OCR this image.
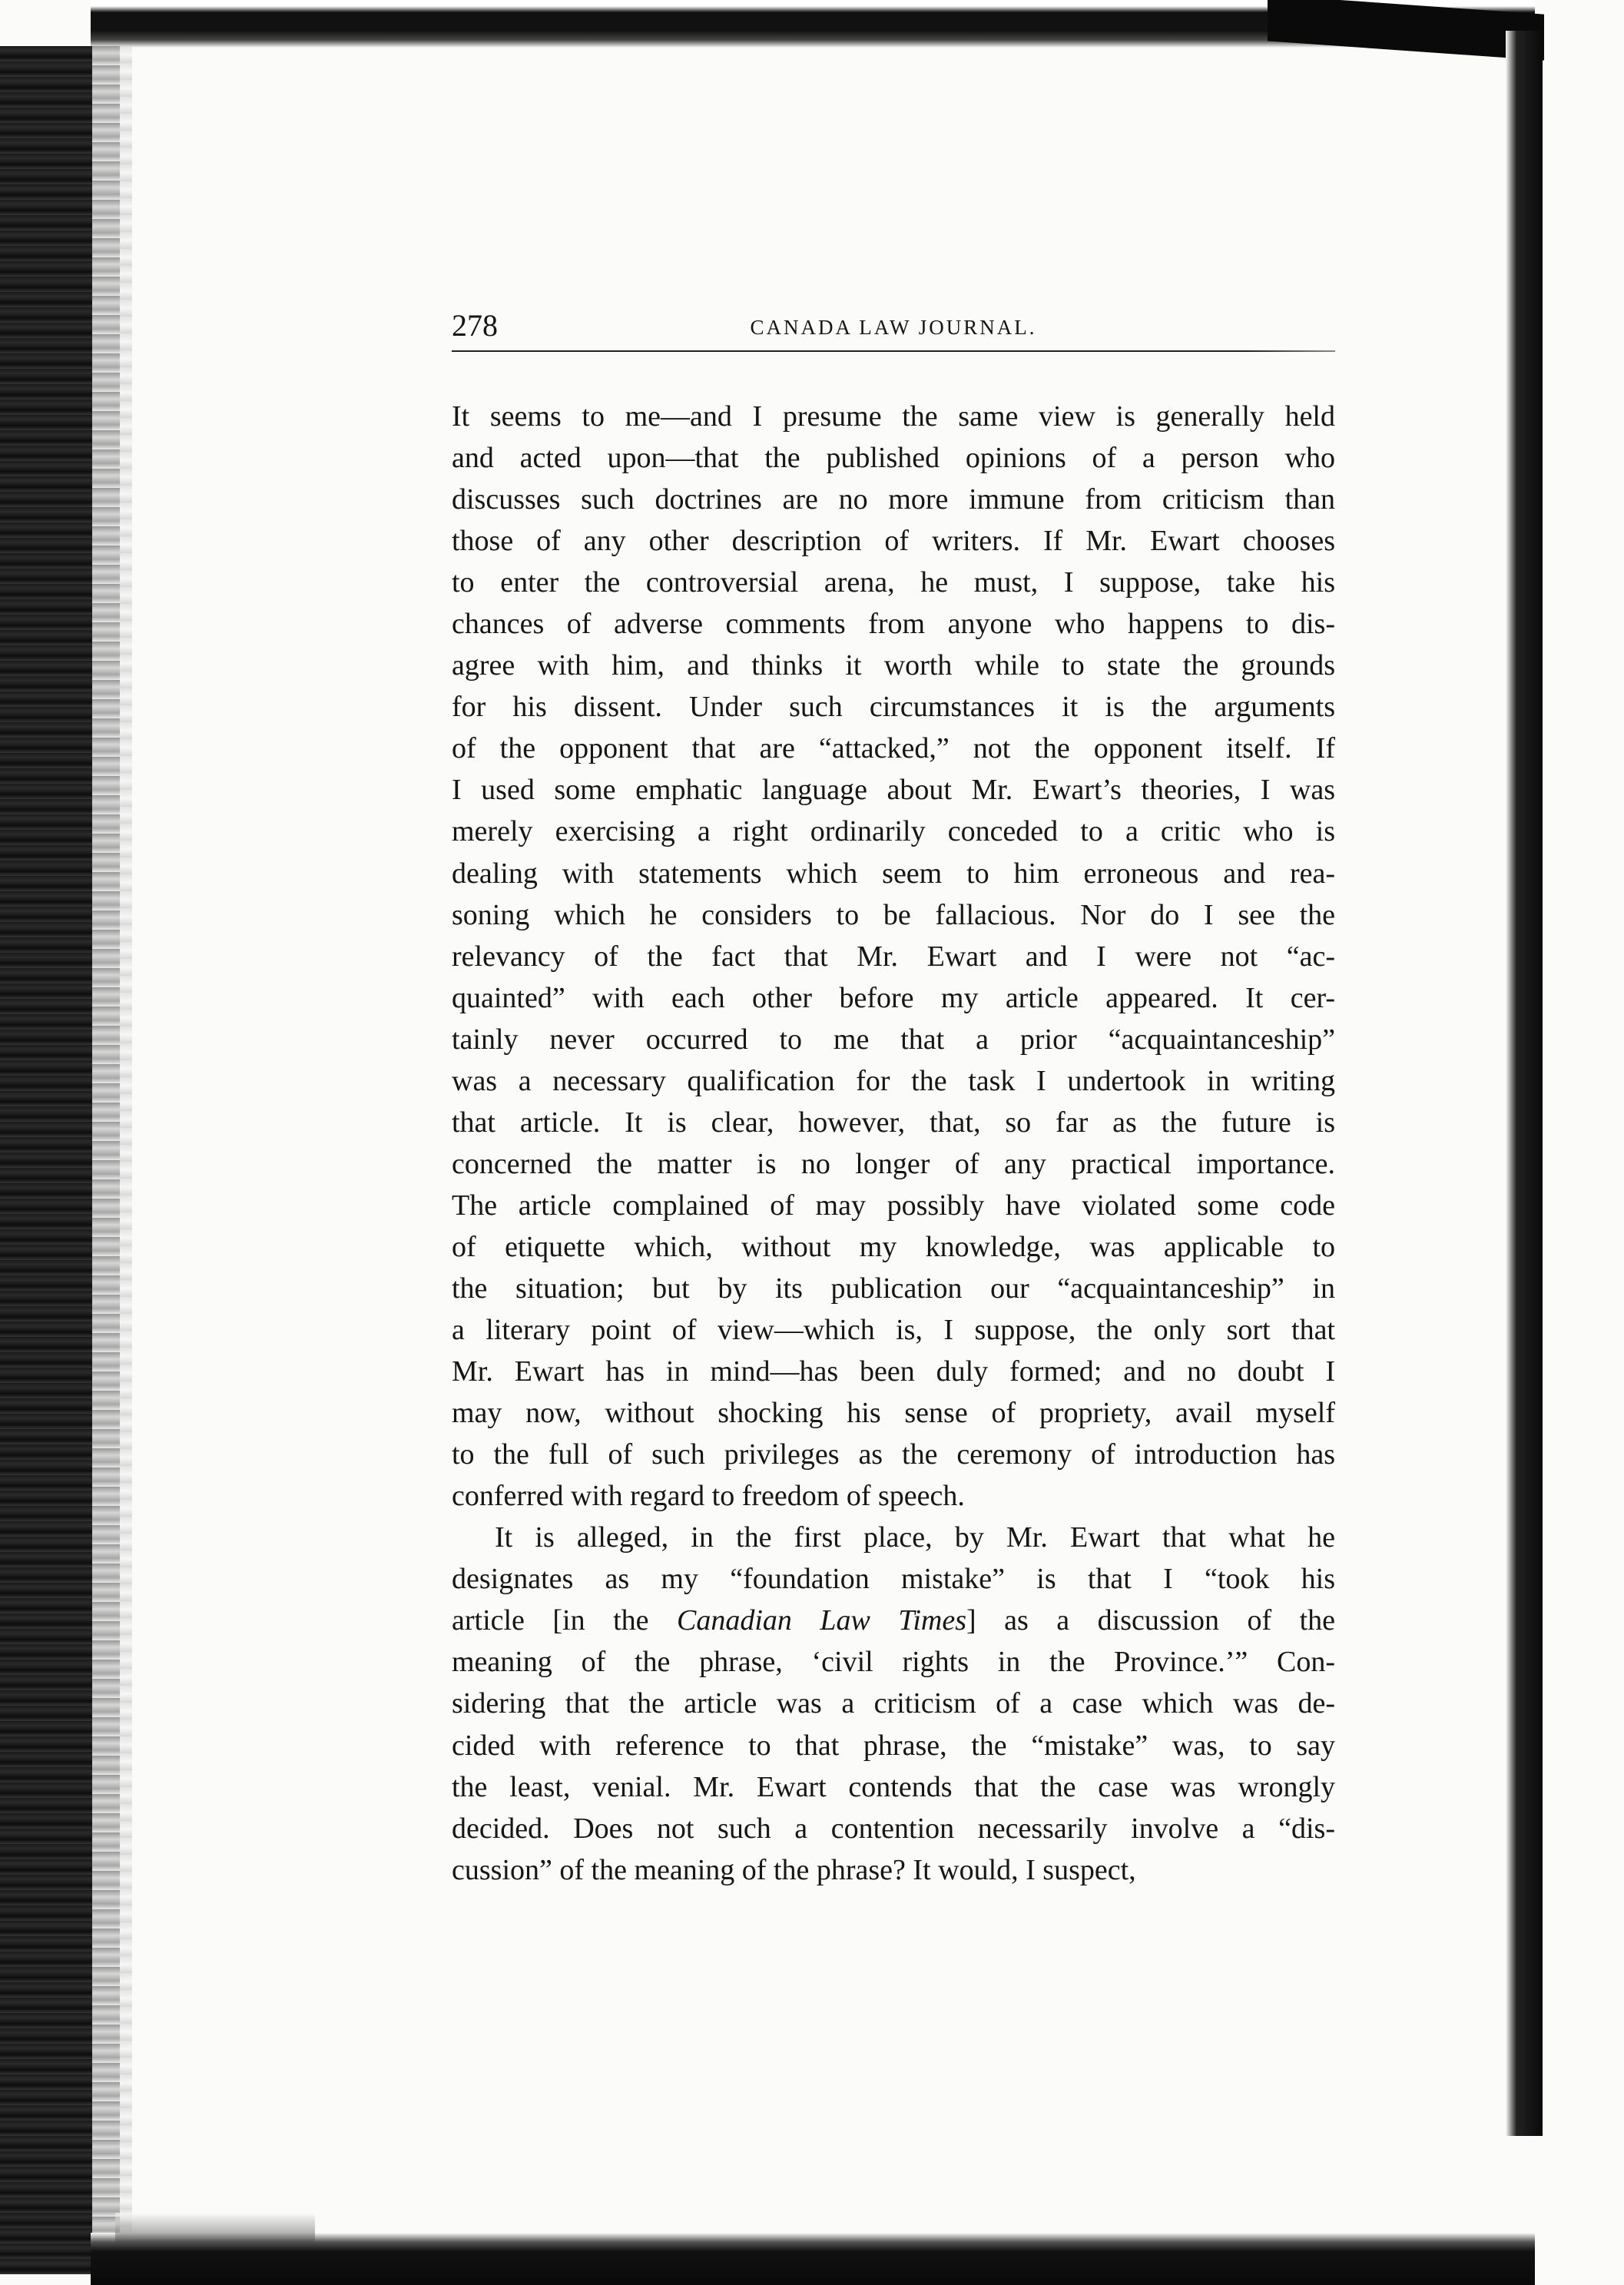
278	CANADA LAW JOURNAL.

It seems to me—and I presume the same view is generally held
and acted upon—that the published opinions of a person who
discusses such doctrines are no more immune from criticism than
those of any other description of writers. If Mr. Ewart chooses
to enter the controversial arena, he must, I suppose, take his
chances of adverse comments from anyone who happens to dis-
agree with him, and thinks it worth while to state the grounds
for his dissent. Under such circumstances it is the arguments
of the opponent that are “attacked,” not the opponent itself. If
I used some emphatic language about Mr. Ewart’s theories, I was
merely exercising a right ordinarily conceded to a critic who is
dealing with statements which seem to him erroneous and rea-
soning which he considers to be fallacious. Nor do I see the
relevancy of the fact that Mr. Ewart and I were not “ac-
quainted” with each other before my article appeared. It cer-
tainly never occurred to me that a prior “acquaintanceship”
was a necessary qualification for the task I undertook in writing
that article. It is clear, however, that, so far as the future is
concerned the matter is no longer of any practical importance.
The article complained of may possibly have violated some code
of etiquette which, without my knowledge, was applicable to
the situation; but by its publication our “acquaintanceship” in
a literary point of view—which is, I suppose, the only sort that
Mr. Ewart has in mind—has been duly formed; and no doubt I
may now, without shocking his sense of propriety, avail myself
to the full of such privileges as the ceremony of introduction has
conferred with regard to freedom of speech.

It is alleged, in the first place, by Mr. Ewart that what he
designates as my “foundation mistake” is that I “took his
article [in the Canadian Law Times] as a discussion of the
meaning of the phrase, ‘civil rights in the Province.’” Con-
sidering that the article was a criticism of a case which was de-
cided with reference to that phrase, the “mistake” was, to say
the least, venial. Mr. Ewart contends that the case was wrongly
decided. Does not such a contention necessarily involve a “dis-
cussion” of the meaning of the phrase? It would, I suspect,
